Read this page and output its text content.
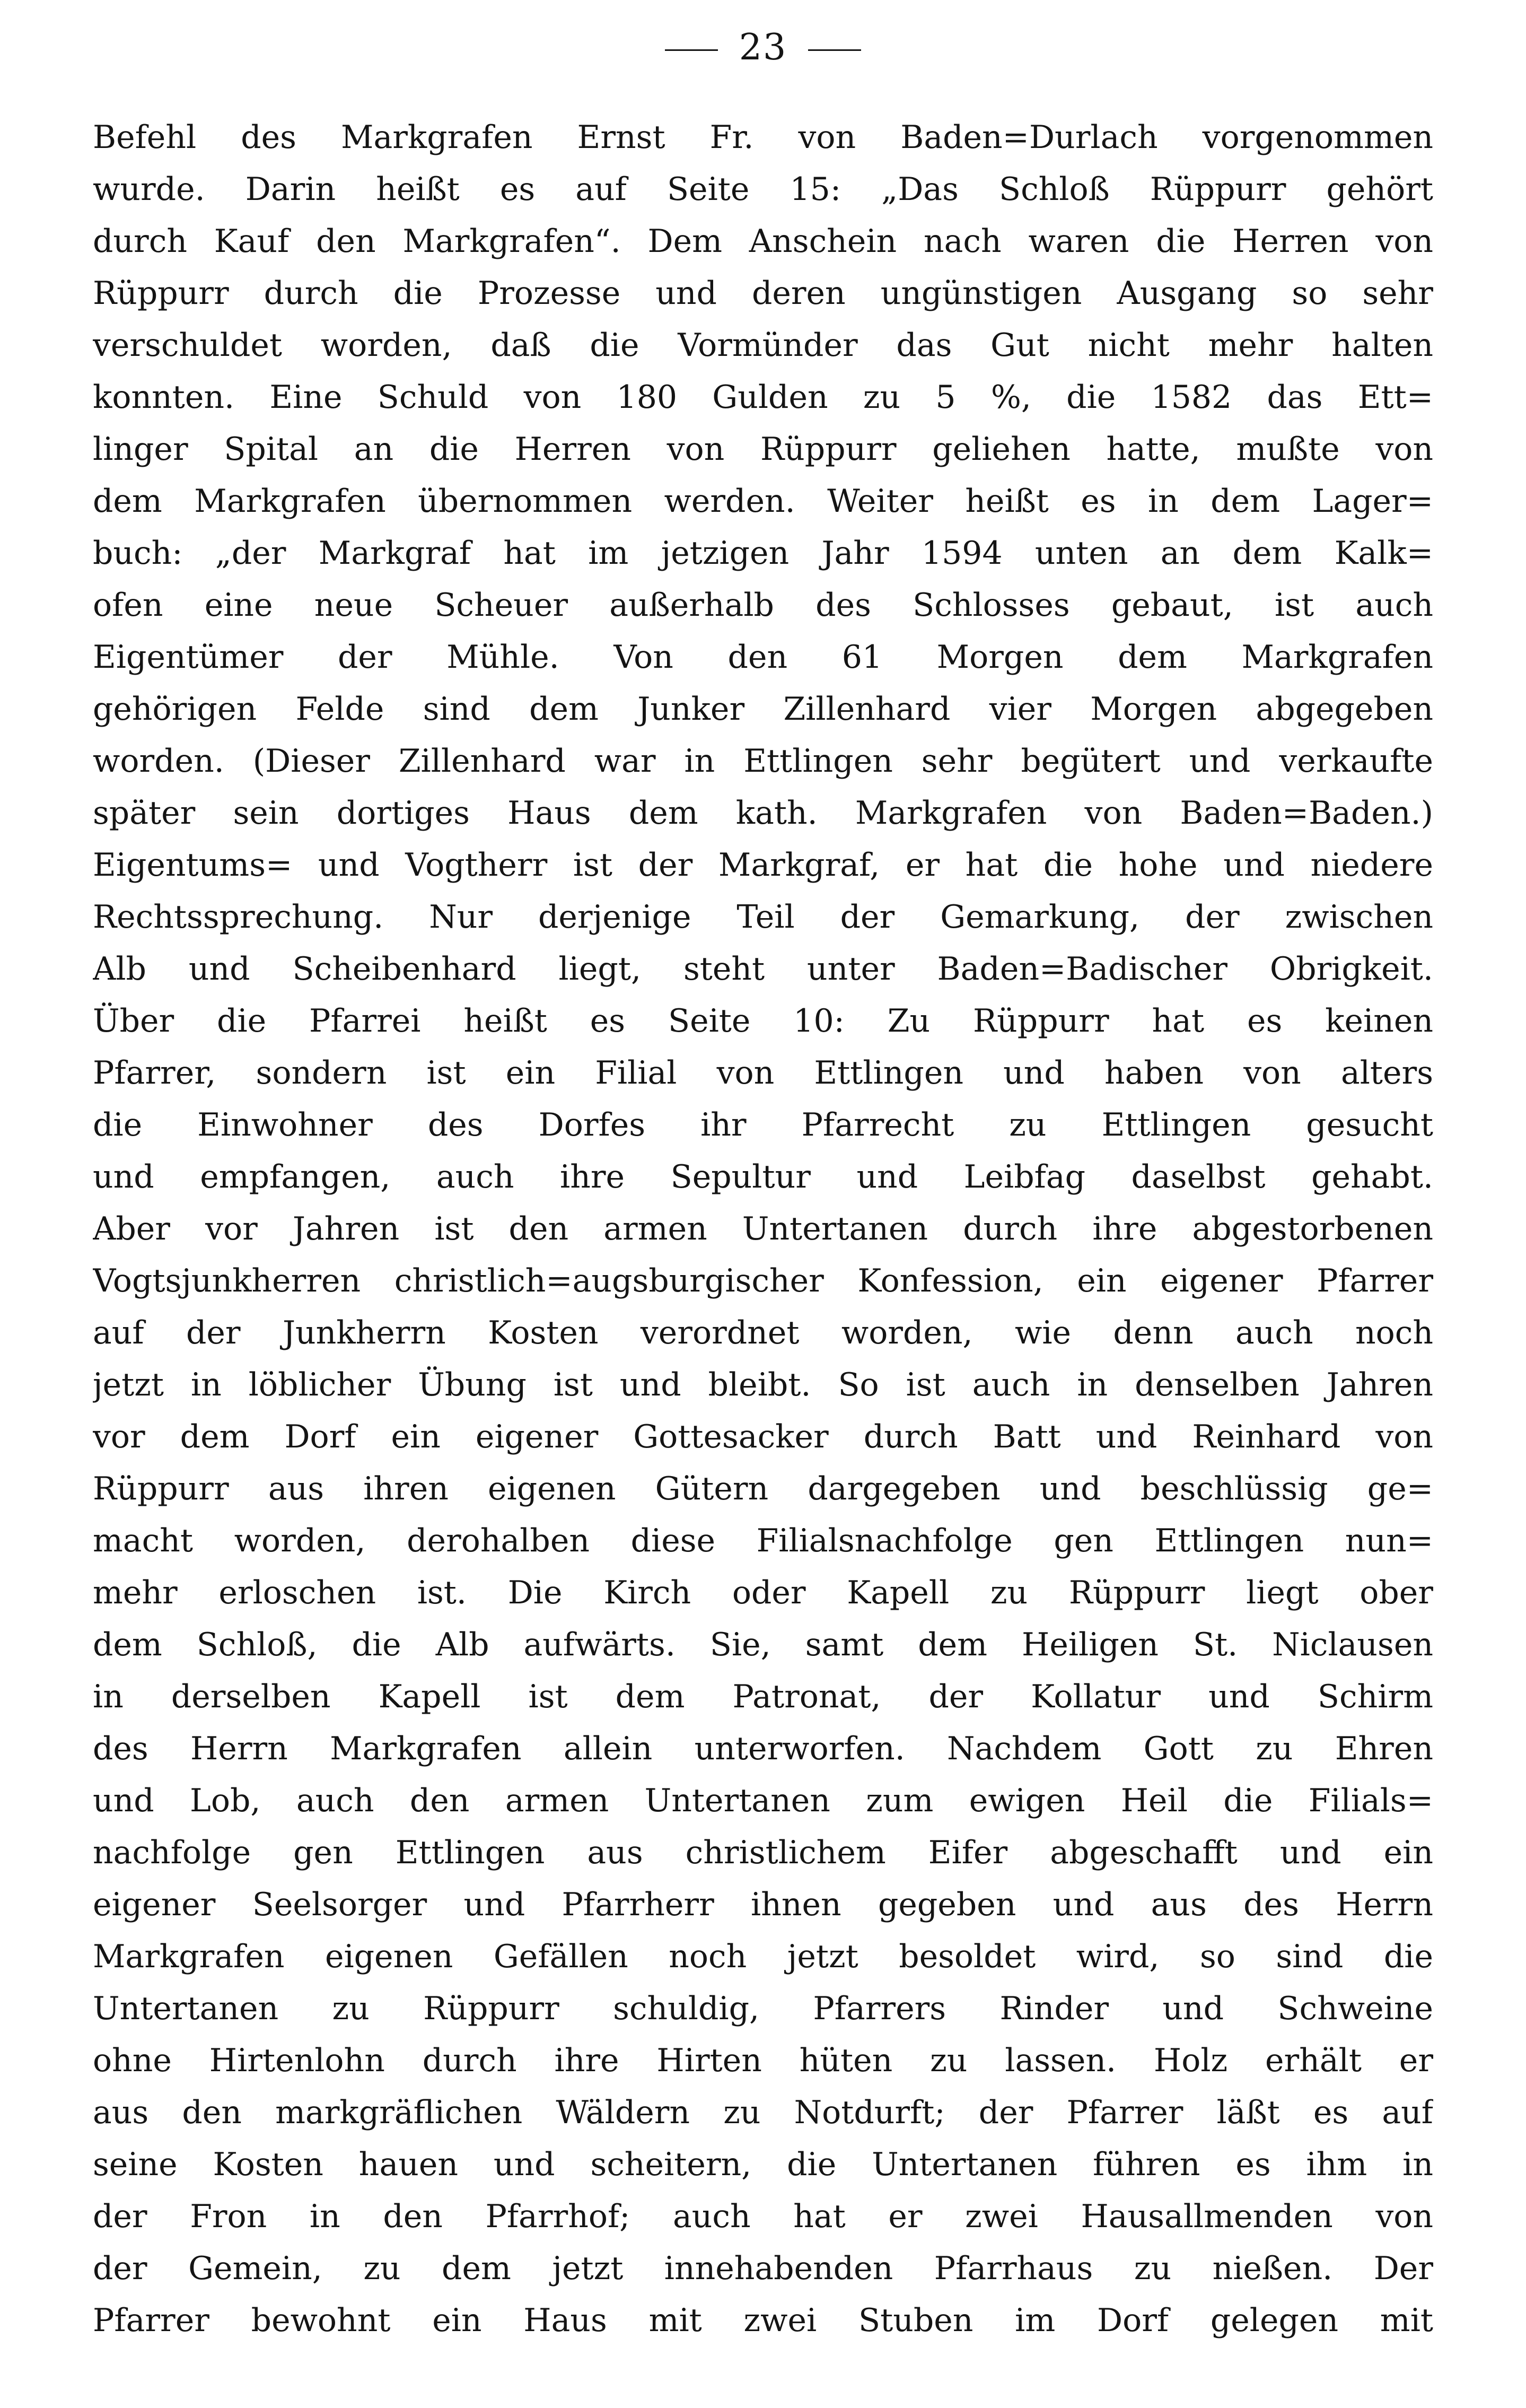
23
Befehl des Markgrafen Ernst Fr. von Baden=Durlach vorgenommen
wurde. Darin heißt es auf Seite 15: „Das Schloß Rüppurr gehört
durch Kauf den Markgrafen“. Dem Anschein nach waren die Herren von
Rüppurr durch die Prozesse und deren ungünstigen Ausgang so sehr
verschuldet worden, daß die Vormünder das Gut nicht mehr halten
konnten. Eine Schuld von 180 Gulden zu 5 %, die 1582 das Ett=
linger Spital an die Herren von Rüppurr geliehen hatte, mußte von
dem Markgrafen übernommen werden. Weiter heißt es in dem Lager=
buch: „der Markgraf hat im jetzigen Jahr 1594 unten an dem Kalk=
ofen eine neue Scheuer außerhalb des Schlosses gebaut, ist auch
Eigentümer der Mühle. Von den 61 Morgen dem Markgrafen
gehörigen Felde sind dem Junker Zillenhard vier Morgen abgegeben
worden. (Dieser Zillenhard war in Ettlingen sehr begütert und verkaufte
später sein dortiges Haus dem kath. Markgrafen von Baden=Baden.)
Eigentums= und Vogtherr ist der Markgraf, er hat die hohe und niedere
Rechtssprechung. Nur derjenige Teil der Gemarkung, der zwischen
Alb und Scheibenhard liegt, steht unter Baden=Badischer Obrigkeit.
Über die Pfarrei heißt es Seite 10: Zu Rüppurr hat es keinen
Pfarrer, sondern ist ein Filial von Ettlingen und haben von alters
die Einwohner des Dorfes ihr Pfarrecht zu Ettlingen gesucht
und empfangen, auch ihre Sepultur und Leibfag daselbst gehabt.
Aber vor Jahren ist den armen Untertanen durch ihre abgestorbenen
Vogtsjunkherren christlich=augsburgischer Konfession, ein eigener Pfarrer
auf der Junkherrn Kosten verordnet worden, wie denn auch noch
jetzt in löblicher Übung ist und bleibt. So ist auch in denselben Jahren
vor dem Dorf ein eigener Gottesacker durch Batt und Reinhard von
Rüppurr aus ihren eigenen Gütern dargegeben und beschlüssig ge=
macht worden, derohalben diese Filialsnachfolge gen Ettlingen nun=
mehr erloschen ist. Die Kirch oder Kapell zu Rüppurr liegt ober
dem Schloß, die Alb aufwärts. Sie, samt dem Heiligen St. Niclausen
in derselben Kapell ist dem Patronat, der Kollatur und Schirm
des Herrn Markgrafen allein unterworfen. Nachdem Gott zu Ehren
und Lob, auch den armen Untertanen zum ewigen Heil die Filials=
nachfolge gen Ettlingen aus christlichem Eifer abgeschafft und ein
eigener Seelsorger und Pfarrherr ihnen gegeben und aus des Herrn
Markgrafen eigenen Gefällen noch jetzt besoldet wird, so sind die
Untertanen zu Rüppurr schuldig, Pfarrers Rinder und Schweine
ohne Hirtenlohn durch ihre Hirten hüten zu lassen. Holz erhält er
aus den markgräflichen Wäldern zu Notdurft; der Pfarrer läßt es auf
seine Kosten hauen und scheitern, die Untertanen führen es ihm in
der Fron in den Pfarrhof; auch hat er zwei Hausallmenden von
der Gemein, zu dem jetzt innehabenden Pfarrhaus zu nießen. Der
Pfarrer bewohnt ein Haus mit zwei Stuben im Dorf gelegen mit
